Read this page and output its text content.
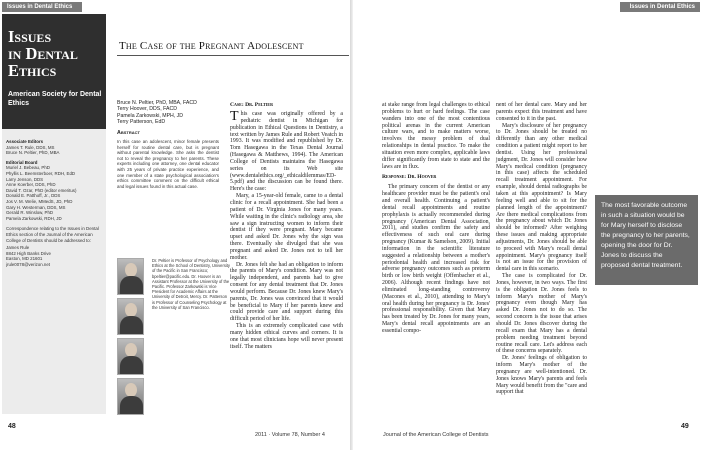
Issues in Dental Ethics	Issues in Dental Ethics
Issues
in Dental
Ethics
American Society for Dental Ethics
Associate Editors
James T. Rule, DDS, MS
Bruce N. Peltier, PhD, MBA
Editorial Board
Muriel J. Bebeau, PhD
Phyllis L. Beemsterboer, RDH, EdD
Larry Jenson, DDS
Anne Koerber, DDS, PhD
David T. Ozar, PhD (editor emeritus)
Donald E. Patthoff, Jr., DDS
Jos V. M. Welie, MMedS, JD, PhD
Gary H. Westerman, DDS, MS
Gerald R. Winslow, PhD
Pamela Zarkowski, RDH, JD
Correspondence relating to the Issues in Dental Ethics section of the Journal of the American College of Dentists should be addressed to:
James Rule
8842 High Banks Drive
Easton, MD 21601
jrule0078@verizon.net
The Case of the Pregnant Adolescent
Bruce N. Peltier, PhD, MBA, FACD
Terry Hoover, DDS, FACD
Pamela Zarkowski, MPH, JD
Terry Patterson, EdD
Abstract
In this case an adolescent, minor female presents herself for routine dental care, but is pregnant without parental knowledge. She asks the dentist not to reveal the pregnancy to her parents. These experts including one attorney, one dental educator with 25 years of private practice experience, and one member of a state psychological association's ethics committee comment on the difficult ethical and legal issues found in this actual case.
Dr. Peltier is Professor of Psychology and Ethics at the School of Dentistry, University of the Pacific in San Francisco; bpeltier@pacific.edu. Dr. Hoover is an Assistant Professor at the University of the Pacific. Professor Zarkowski is Vice President for Academic Affairs at the University of Detroit, Mercy. Dr. Patterson is Professor of Counseling Psychology at the University of San Francisco.
Case: Dr. Peltier

This case was originally offered by a pediatric dentist in Michigan for publication in Ethical Questions in Dentistry, a text written by James Rule and Robert Veatch in 1993. It was modified and republished by Dr. Tom Hasegawa in the Texas Dental Journal (Hasegawa & Matthews, 1994). The American College of Dentists maintains the Hasegawa series on its Web site (www.dentalethics.org/_ethicaldilemmas/ED-5.pdf) and the discussion can be found there. Here's the case:

Mary, a 15-year-old female, came to a dental clinic for a recall appointment. She had been a patient of Dr. Virginia Jones for many years. While waiting in the clinic's radiology area, she saw a sign instructing women to inform their dentist if they were pregnant. Mary became upset and asked Dr. Jones why the sign was there. Eventually she divulged that she was pregnant and asked Dr. Jones not to tell her mother.

Dr. Jones felt she had an obligation to inform the parents of Mary's condition. Mary was not legally independent, and parents had to give consent for any dental treatment that Dr. Jones would perform. Because Dr. Jones knew Mary's parents, Dr. Jones was convinced that it would be beneficial to Mary if her parents knew and could provide care and support during this difficult period of her life.

This is an extremely complicated case with many hidden ethical curves and corners. It is one that most clinicians hope will never present itself. The matters

at stake range from legal challenges to ethical problems to hurt or hard feelings. The case wanders into one of the most contentious political arenas in the current American culture wars, and to make matters worse, involves the messy problem of dual relationships in dental practice. To make the situation even more complex, applicable laws differ significantly from state to state and the laws are in flux.

Response: Dr. Hoover

The primary concern of the dentist or any healthcare provider must be the patient's oral and overall health. Continuing a patient's dental recall appointments and routine prophylaxis is actually recommended during pregnancy (American Dental Association, 2011), and studies confirm the safety and effectiveness of such oral care during pregnancy (Kumar & Samelson, 2009). Initial information in the scientific literature suggested a relationship between a mother's periodontal health and increased risk for adverse pregnancy outcomes such as preterm birth or low birth weight (Offenbacher et al., 2006). Although recent findings have not eliminated long-standing controversy (Macones et al., 2010), attending to Mary's oral health during her pregnancy is Dr. Jones' professional responsibility. Given that Mary has been treated by Dr. Jones for many years, Mary's dental recall appointments are an essential compo-

nent of her dental care. Mary and her parents expect this treatment and have consented to it in the past.

Mary's disclosure of her pregnancy to Dr. Jones should be treated no differently than any other medical condition a patient might report to her dentist. Using her professional judgment, Dr. Jones will consider how Mary's medical condition (pregnancy in this case) affects the scheduled recall treatment appointment. For example, should dental radiographs be taken at this appointment? Is Mary feeling well and able to sit for the planned length of the appointment? Are there medical complications from the pregnancy about which Dr. Jones should be informed? After weighing these issues and making appropriate adjustments, Dr. Jones should be able to proceed with Mary's recall dental appointment. Mary's pregnancy itself is not an issue for the provision of dental care in this scenario.

The case is complicated for Dr. Jones, however, in two ways. The first is the obligation Dr. Jones feels to inform Mary's mother of Mary's pregnancy even though Mary has asked Dr. Jones not to do so. The second concern is the issue that arises should Dr. Jones discover during the recall exam that Mary has a dental problem needing treatment beyond routine recall care. Let's address each of these concerns separately.

Dr. Jones' feelings of obligation to inform Mary's mother of the pregnancy are well-intentioned. Dr. Jones knows Mary's parents and feels Mary would benefit from the "care and support that

The most favorable outcome in such a situation would be for Mary herself to disclose the pregnancy to her parents, opening the door for Dr. Jones to discuss the proposed dental treatment.
48	49
2011 · Volume 78, Number 4	Journal of the American College of Dentists
